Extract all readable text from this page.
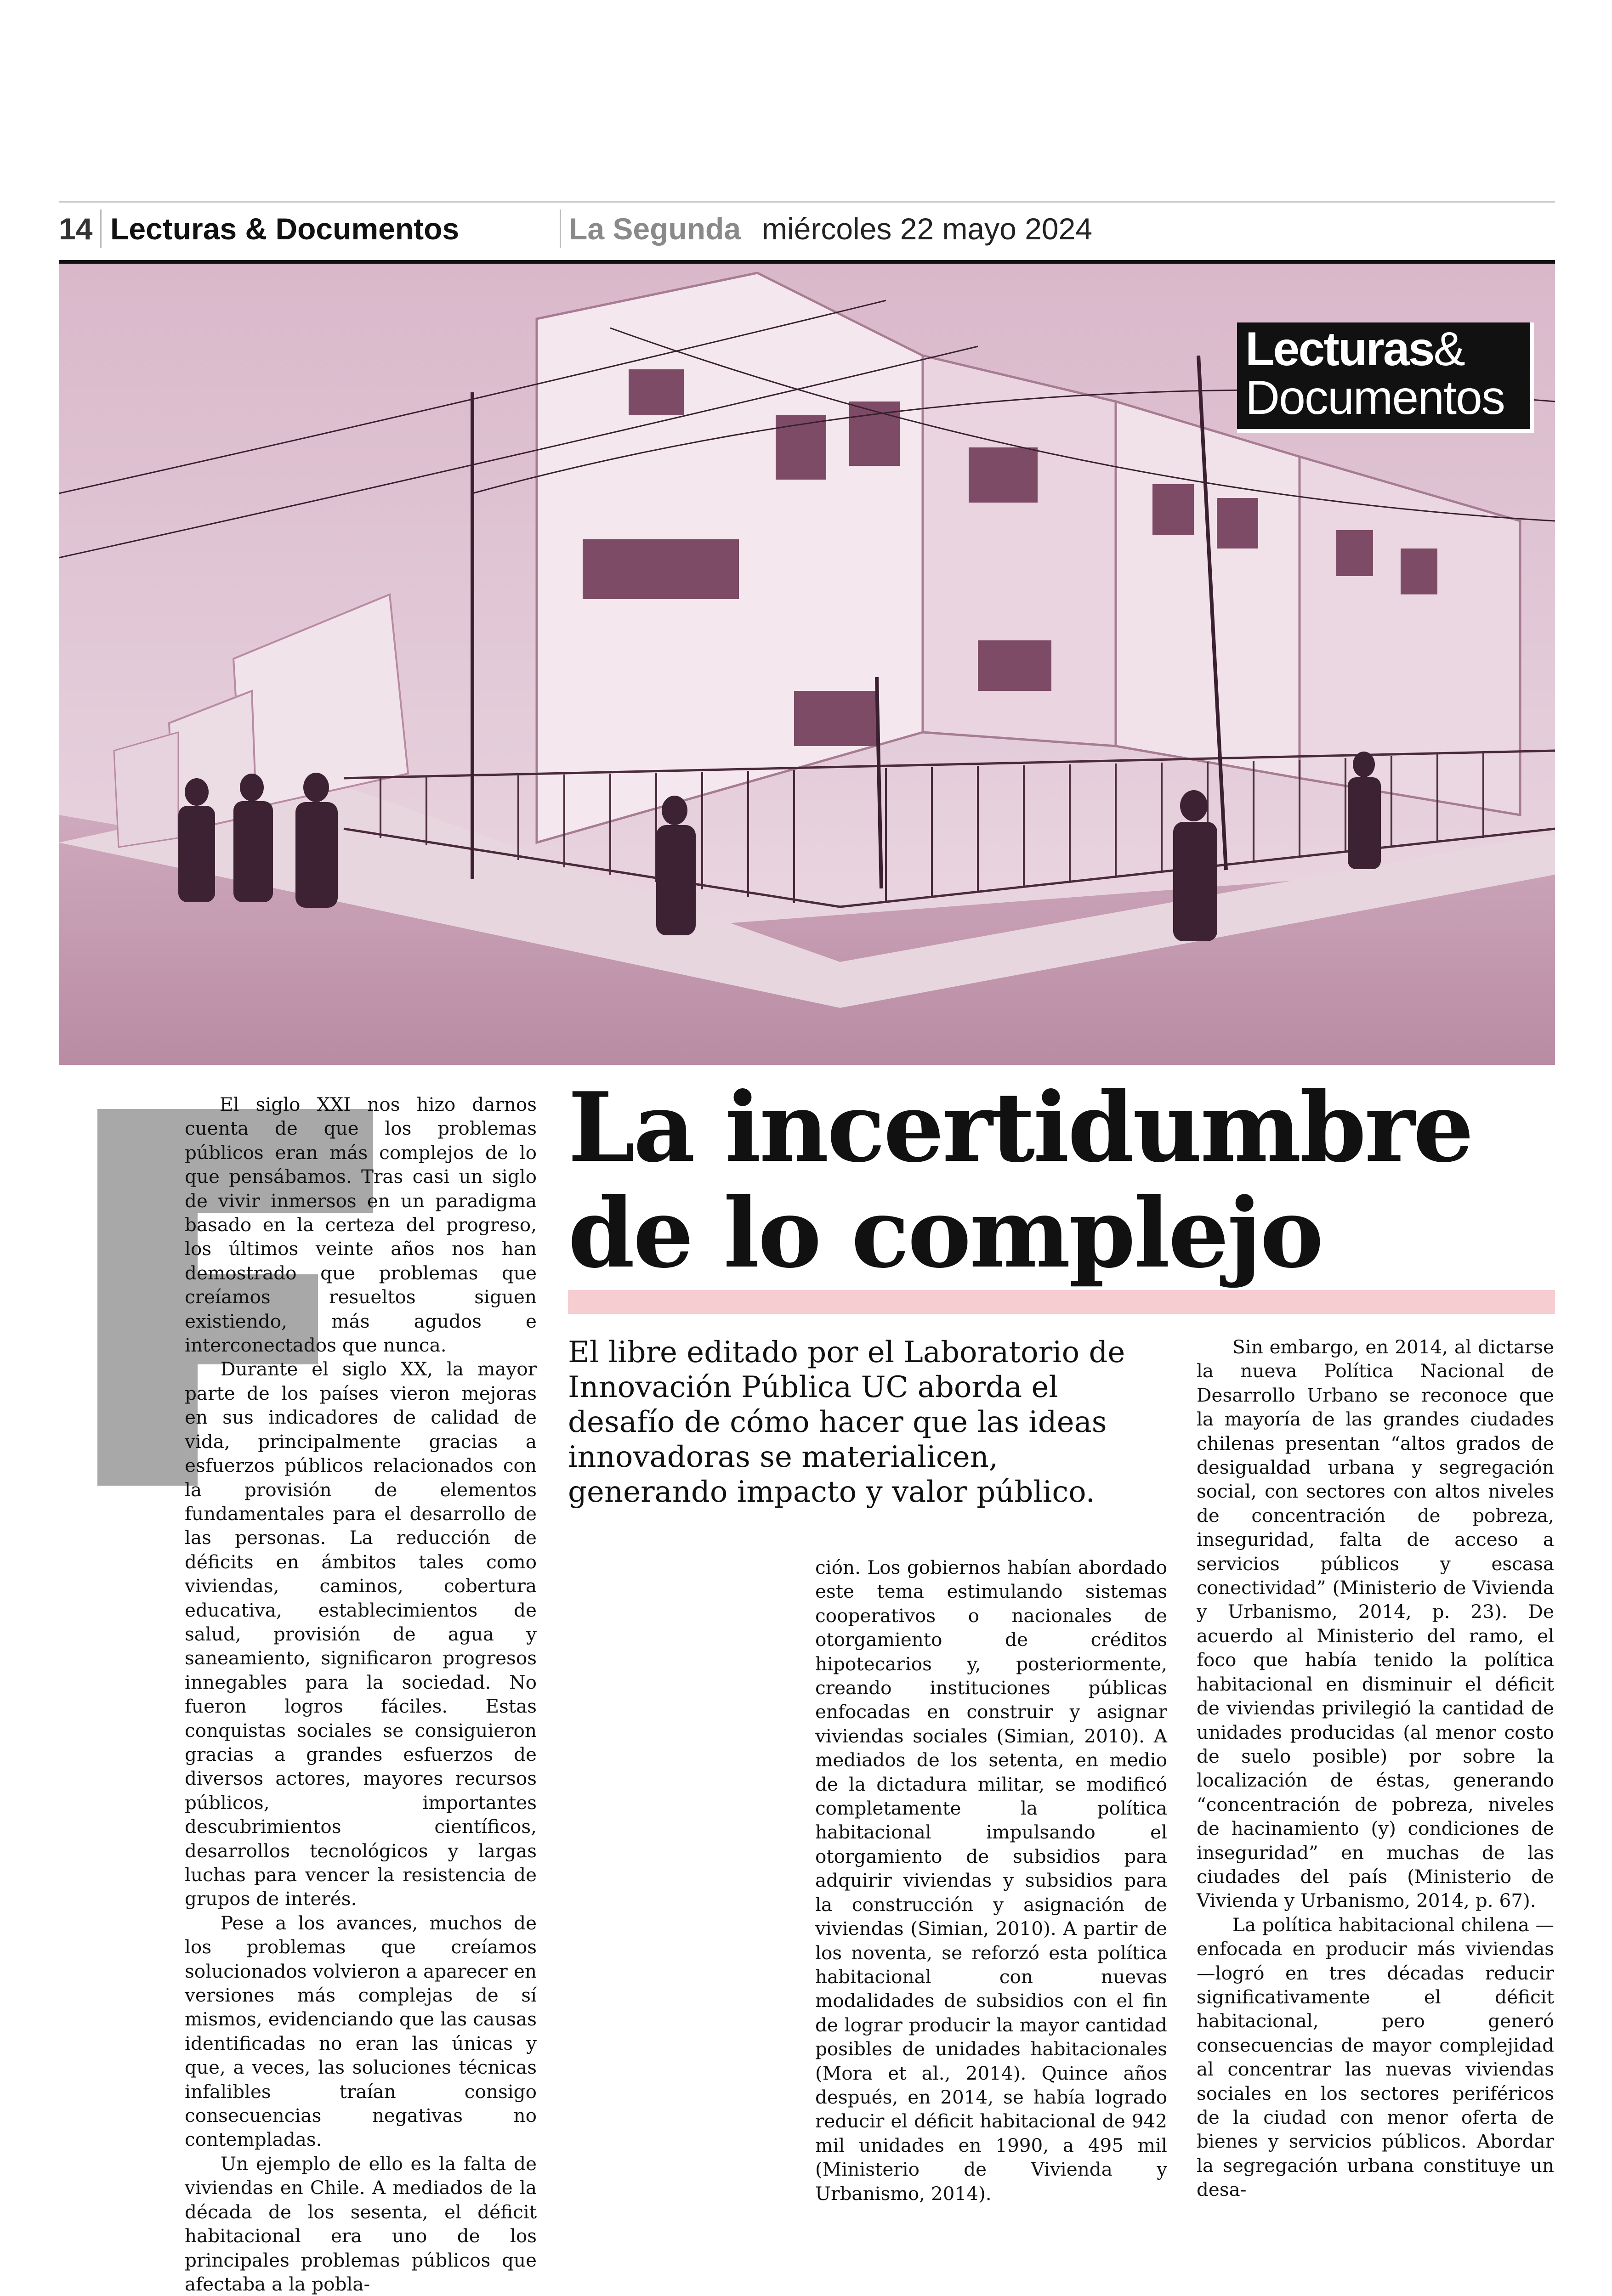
14 Lecturas & Documentos	La Segunda miércoles 22 mayo 2024
Lecturas&
Documentos
La incertidumbre
de lo complejo

El libre editado por el Laboratorio de Innovación Pública UC aborda el desafío de cómo hacer que las ideas innovadoras se materialicen, generando impacto y valor público.

El siglo XXI nos hizo darnos cuenta de que los problemas públicos eran más complejos de lo que pensábamos. Tras casi un siglo de vivir inmersos en un paradigma basado en la certeza del progreso, los últimos veinte años nos han demostrado que problemas que creíamos resueltos siguen existiendo, más agudos e interconectados que nunca.

Durante el siglo XX, la mayor parte de los países vieron mejoras en sus indicadores de calidad de vida, principalmente gracias a esfuerzos públicos relacionados con la provisión de elementos fundamentales para el desarrollo de las personas. La reducción de déficits en ámbitos tales como viviendas, caminos, cobertura educativa, establecimientos de salud, provisión de agua y saneamiento, significaron progresos innegables para la sociedad. No fueron logros fáciles. Estas conquistas sociales se consiguieron gracias a grandes esfuerzos de diversos actores, mayores recursos públicos, importantes descubrimientos científicos, desarrollos tecnológicos y largas luchas para vencer la resistencia de grupos de interés.

Pese a los avances, muchos de los problemas que creíamos solucionados volvieron a aparecer en versiones más complejas de sí mismos, evidenciando que las causas identificadas no eran las únicas y que, a veces, las soluciones técnicas infalibles traían consigo consecuencias negativas no contempladas.

Un ejemplo de ello es la falta de viviendas en Chile. A mediados de la década de los sesenta, el déficit habitacional era uno de los principales problemas públicos que afectaba a la pobla-

ción. Los gobiernos habían abordado este tema estimulando sistemas cooperativos o nacionales de otorgamiento de créditos hipotecarios y, posteriormente, creando instituciones públicas enfocadas en construir y asignar viviendas sociales (Simian, 2010). A mediados de los setenta, en medio de la dictadura militar, se modificó completamente la política habitacional impulsando el otorgamiento de subsidios para adquirir viviendas y subsidios para la construcción y asignación de viviendas (Simian, 2010). A partir de los noventa, se reforzó esta política habitacional con nuevas modalidades de subsidios con el fin de lograr producir la mayor cantidad posibles de unidades habitacionales (Mora et al., 2014). Quince años después, en 2014, se había logrado reducir el déficit habitacional de 942 mil unidades en 1990, a 495 mil (Ministerio de Vivienda y Urbanismo, 2014).

Sin embargo, en 2014, al dictarse la nueva Política Nacional de Desarrollo Urbano se reconoce que la mayoría de las grandes ciudades chilenas presentan “altos grados de desigualdad urbana y segregación social, con sectores con altos niveles de concentración de pobreza, inseguridad, falta de acceso a servicios públicos y escasa conectividad” (Ministerio de Vivienda y Urbanismo, 2014, p. 23). De acuerdo al Ministerio del ramo, el foco que había tenido la política habitacional en disminuir el déficit de viviendas privilegió la cantidad de unidades producidas (al menor costo de suelo posible) por sobre la localización de éstas, generando “concentración de pobreza, niveles de hacinamiento (y) condiciones de inseguridad” en muchas de las ciudades del país (Ministerio de Vivienda y Urbanismo, 2014, p. 67).

La política habitacional chilena —enfocada en producir más viviendas—logró en tres décadas reducir significativamente el déficit habitacional, pero generó consecuencias de mayor complejidad al concentrar las nuevas viviendas sociales en los sectores periféricos de la ciudad con menor oferta de bienes y servicios públicos. Abordar la segregación urbana constituye un desa-
